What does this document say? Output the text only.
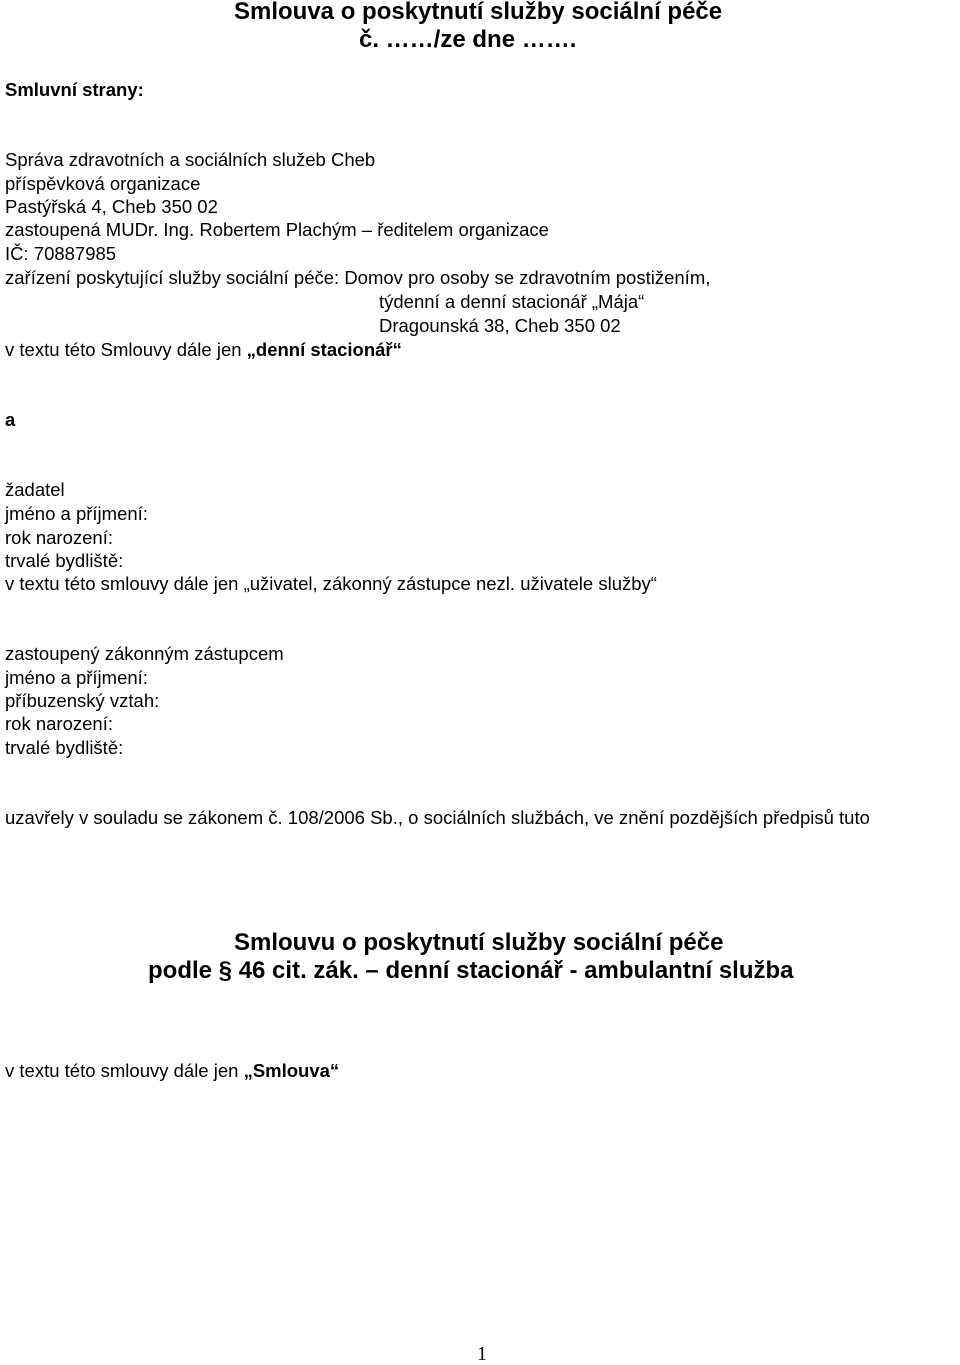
Smlouva o poskytnutí služby sociální péče
č. ……/ze dne …….
Smluvní strany:
Správa zdravotních a sociálních služeb Cheb
příspěvková organizace
Pastýřská 4, Cheb 350 02
zastoupená MUDr. Ing. Robertem Plachým – ředitelem organizace
IČ: 70887985
zařízení poskytující služby sociální péče: Domov pro osoby se zdravotním postižením,
týdenní a denní stacionář „Mája“
Dragounská 38, Cheb 350 02
v textu této Smlouvy dále jen „denní stacionář“
a
žadatel
jméno a příjmení:
rok narození:
trvalé bydliště:
v textu této smlouvy dále jen „uživatel, zákonný zástupce nezl. uživatele služby“
zastoupený zákonným zástupcem
jméno a příjmení:
příbuzenský vztah:
rok narození:
trvalé bydliště:
uzavřely v souladu se zákonem č. 108/2006 Sb., o sociálních službách, ve znění pozdějších předpisů tuto
Smlouvu o poskytnutí služby sociální péče
podle § 46 cit. zák. – denní stacionář - ambulantní služba
v textu této smlouvy dále jen „Smlouva“
1
